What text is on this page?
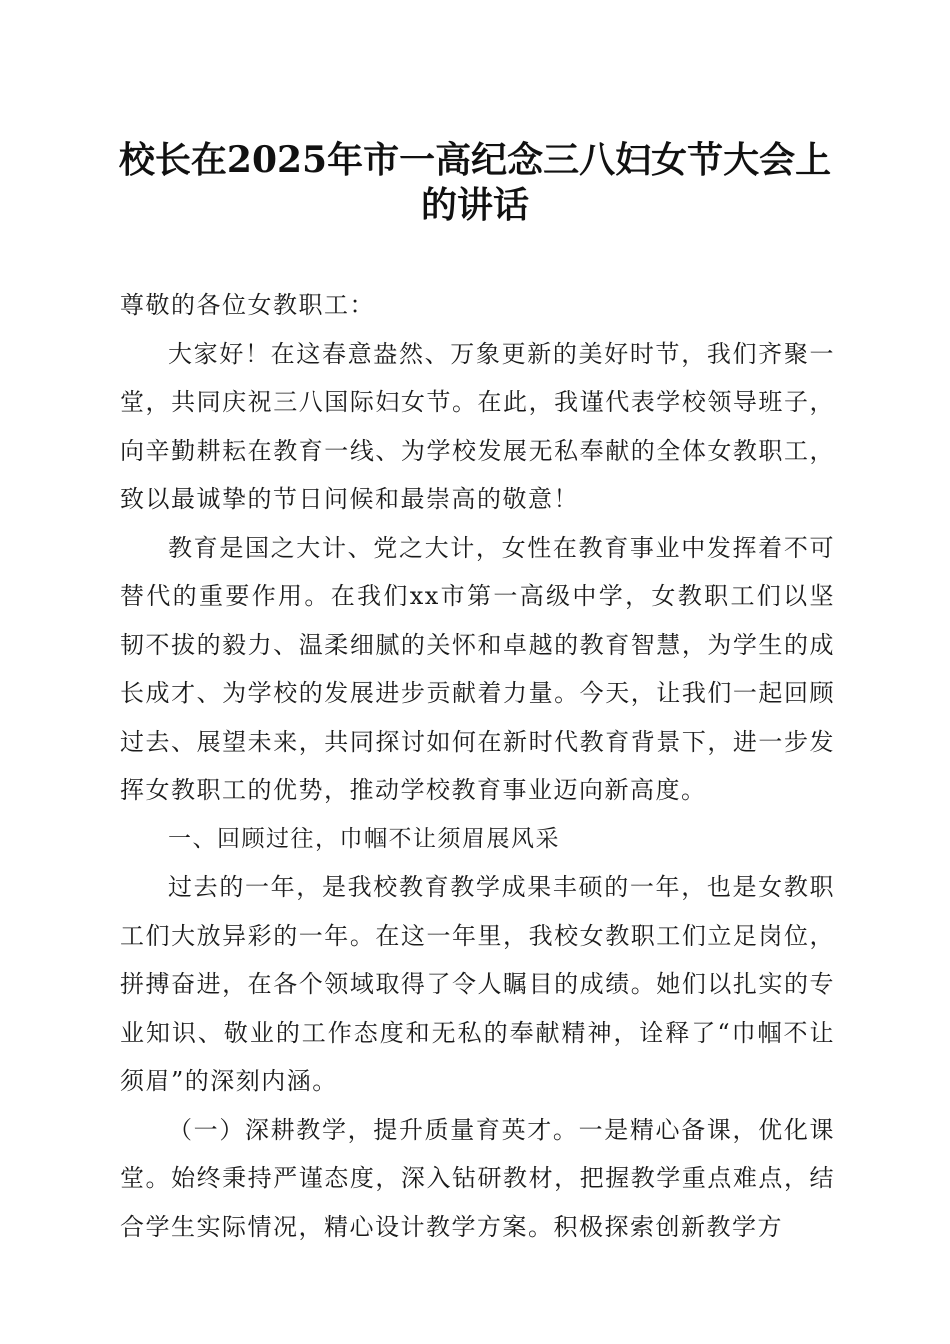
校长在2025年市一高纪念三八妇女节大会上
的讲话

尊敬的各位女教职工：

大家好！在这春意盎然、万象更新的美好时节，我们齐聚一堂，共同庆祝三八国际妇女节。在此，我谨代表学校领导班子，向辛勤耕耘在教育一线、为学校发展无私奉献的全体女教职工，致以最诚挚的节日问候和最崇高的敬意！

教育是国之大计、党之大计，女性在教育事业中发挥着不可替代的重要作用。在我们xx市第一高级中学，女教职工们以坚韧不拔的毅力、温柔细腻的关怀和卓越的教育智慧，为学生的成长成才、为学校的发展进步贡献着力量。今天，让我们一起回顾过去、展望未来，共同探讨如何在新时代教育背景下，进一步发挥女教职工的优势，推动学校教育事业迈向新高度。

一、回顾过往，巾帼不让须眉展风采

过去的一年，是我校教育教学成果丰硕的一年，也是女教职工们大放异彩的一年。在这一年里，我校女教职工们立足岗位，拼搏奋进，在各个领域取得了令人瞩目的成绩。她们以扎实的专业知识、敬业的工作态度和无私的奉献精神，诠释了“巾帼不让须眉”的深刻内涵。

（一）深耕教学，提升质量育英才。一是精心备课，优化课堂。始终秉持严谨态度，深入钻研教材，把握教学重点难点，结合学生实际情况，精心设计教学方案。积极探索创新教学方
